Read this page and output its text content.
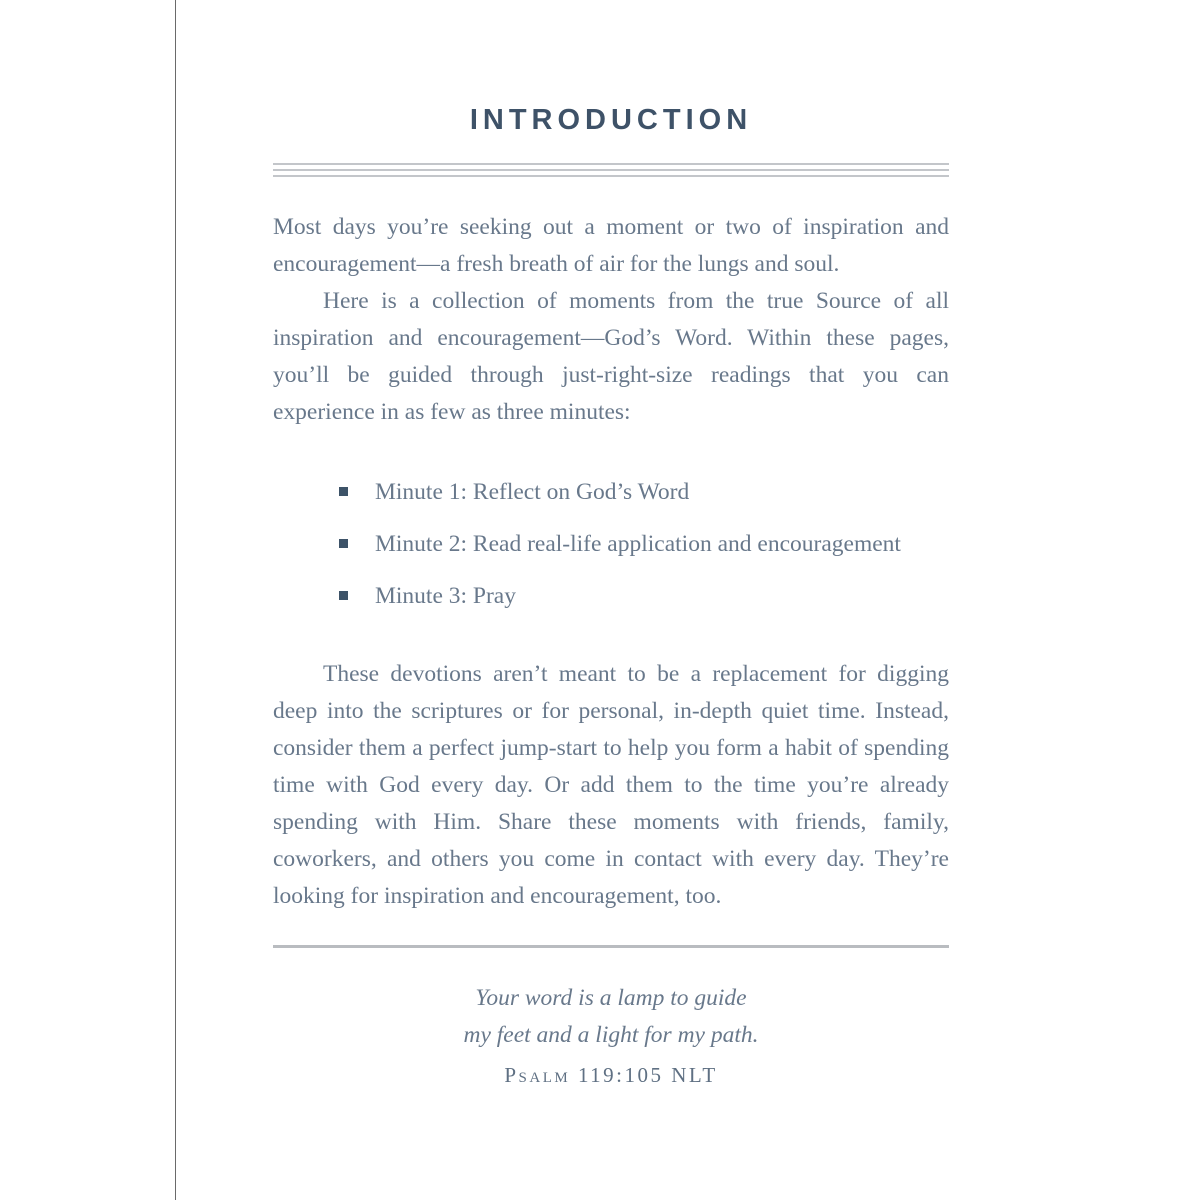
INTRODUCTION

Most days you’re seeking out a moment or two of inspiration and encouragement—a fresh breath of air for the lungs and soul.

Here is a collection of moments from the true Source of all inspiration and encouragement—God’s Word. Within these pages, you’ll be guided through just-right-size readings that you can experience in as few as three minutes:

Minute 1: Reflect on God’s Word
Minute 2: Read real-life application and encouragement
Minute 3: Pray

These devotions aren’t meant to be a replacement for digging deep into the scriptures or for personal, in-depth quiet time. Instead, consider them a perfect jump-start to help you form a habit of spending time with God every day. Or add them to the time you’re already spending with Him. Share these moments with friends, family, coworkers, and others you come in contact with every day. They’re looking for inspiration and encouragement, too.

Your word is a lamp to guide
my feet and a light for my path.
Psalm 119:105 NLT
